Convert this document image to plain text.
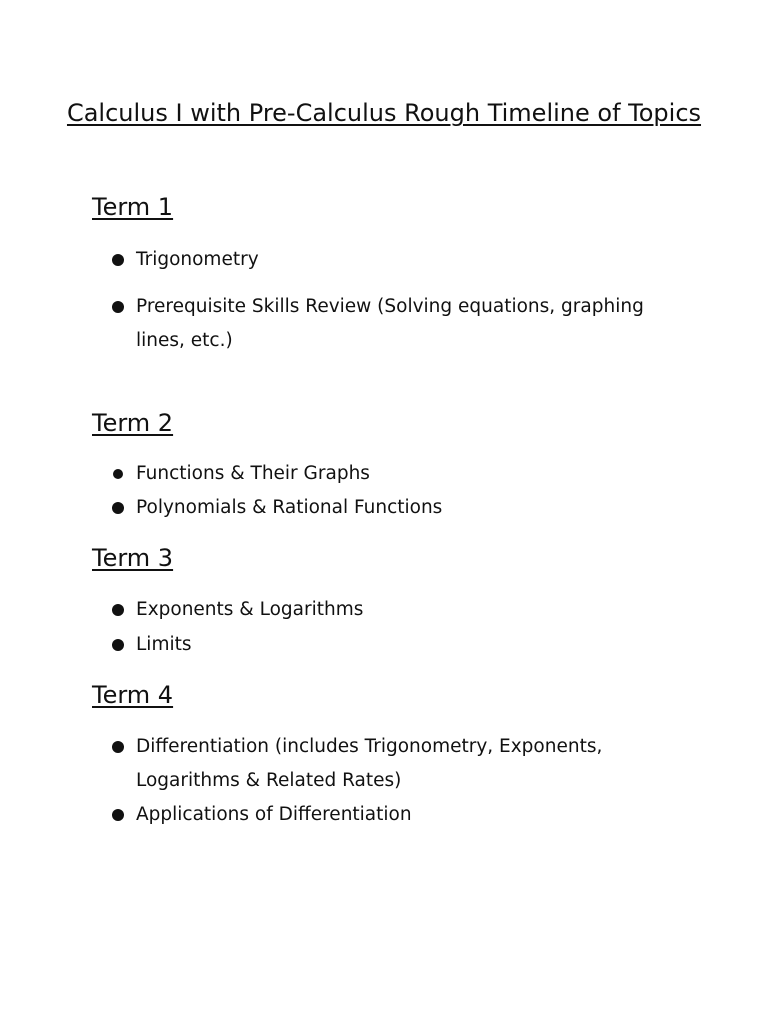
Calculus I with Pre-Calculus Rough Timeline of Topics
Term 1
Trigonometry
Prerequisite Skills Review (Solving equations, graphing lines, etc.)
Term 2
Functions & Their Graphs
Polynomials & Rational Functions
Term 3
Exponents & Logarithms
Limits
Term 4
Differentiation (includes Trigonometry, Exponents, Logarithms & Related Rates)
Applications of Differentiation
